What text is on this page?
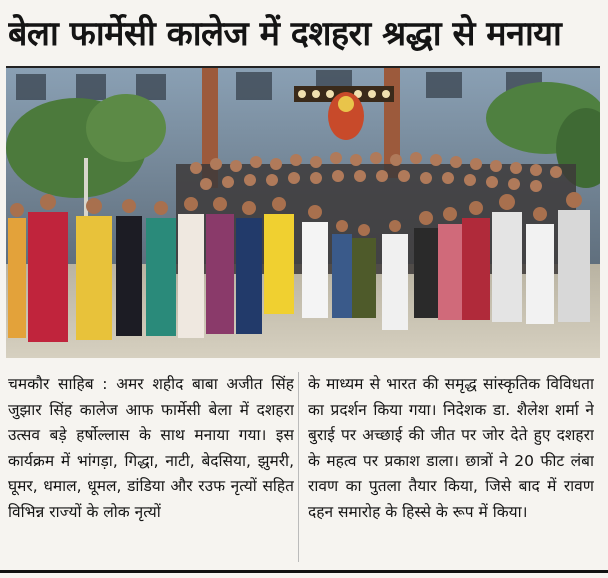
बेला फार्मेसी कालेज में दशहरा श्रद्धा से मनाया
चमकौर साहिब : अमर शहीद बाबा अजीत सिंह जुझार सिंह कालेज आफ फार्मेसी बेला में दशहरा उत्सव बड़े हर्षोल्लास के साथ मनाया गया। इस कार्यक्रम में भांगड़ा, गिद्धा, नाटी, बेदसिया, झुमरी, घूमर, धमाल, धूमल, डांडिया और रउफ नृत्यों सहित विभिन्न राज्यों के लोक नृत्यों
के माध्यम से भारत की समृद्ध सांस्कृतिक विविधता का प्रदर्शन किया गया। निदेशक डा. शैलेश शर्मा ने बुराई पर अच्छाई की जीत पर जोर देते हुए दशहरा के महत्व पर प्रकाश डाला। छात्रों ने 20 फीट लंबा रावण का पुतला तैयार किया, जिसे बाद में रावण दहन समारोह के हिस्से के रूप में किया।
